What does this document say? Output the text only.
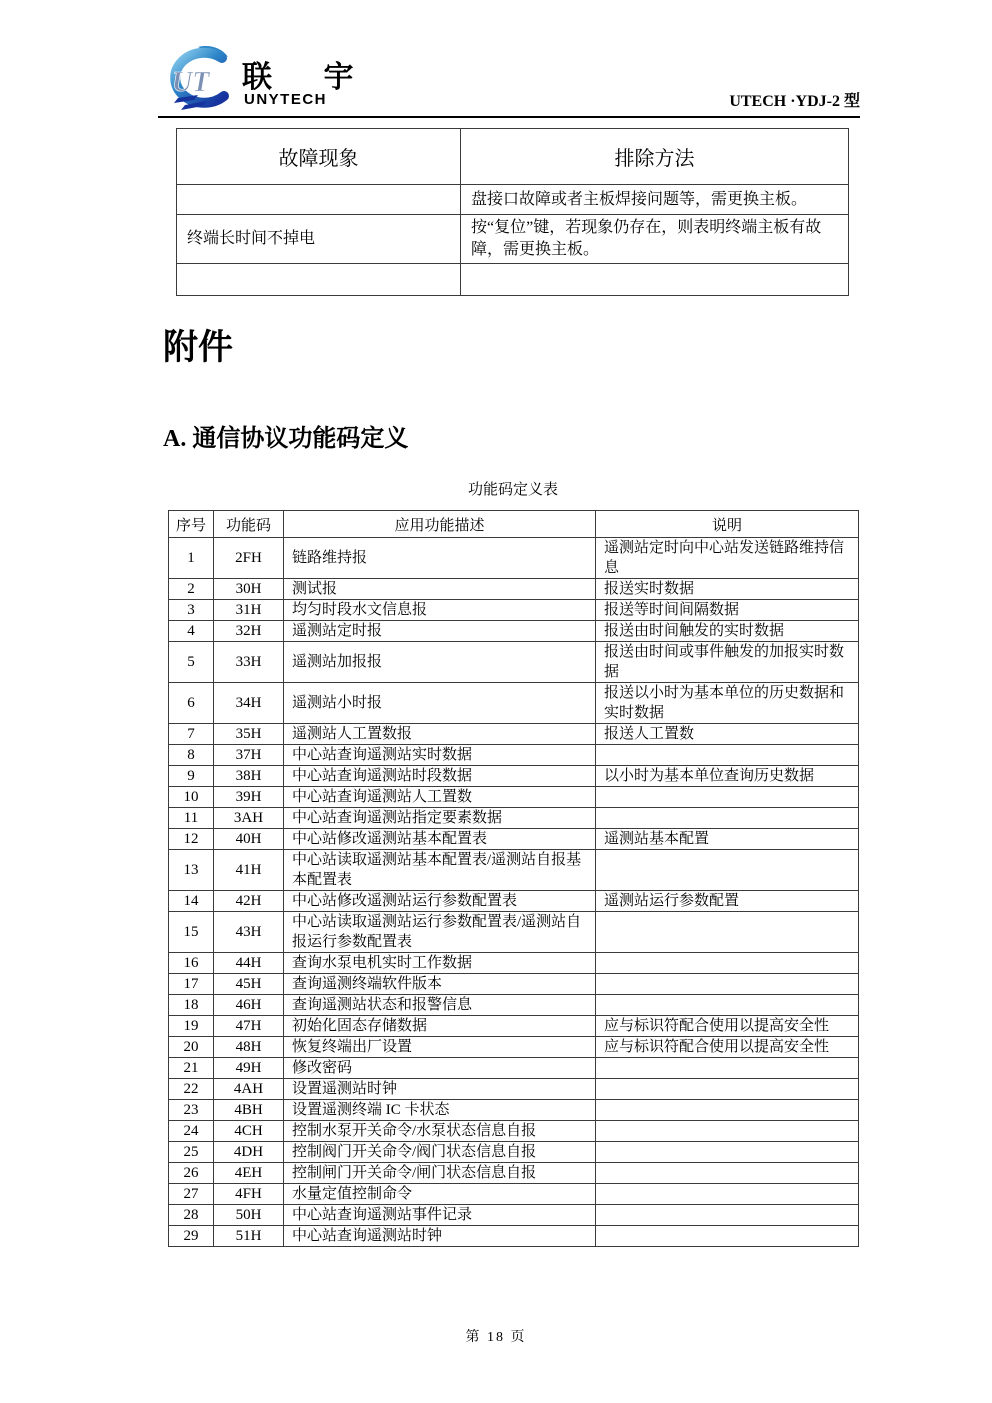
UT 联 宇
UNYTECH	UTECH ·YDJ-2 型
故障现象	排除方法
	盘接口故障或者主板焊接问题等，需更换主板。
终端长时间不掉电	按“复位”键，若现象仍存在，则表明终端主板有故障，需更换主板。

附件
A. 通信协议功能码定义
功能码定义表
序号	功能码	应用功能描述	说明
1	2FH	链路维持报	遥测站定时向中心站发送链路维持信息
2	30H	测试报	报送实时数据
3	31H	均匀时段水文信息报	报送等时间间隔数据
4	32H	遥测站定时报	报送由时间触发的实时数据
5	33H	遥测站加报报	报送由时间或事件触发的加报实时数据
6	34H	遥测站小时报	报送以小时为基本单位的历史数据和实时数据
7	35H	遥测站人工置数报	报送人工置数
8	37H	中心站查询遥测站实时数据	
9	38H	中心站查询遥测站时段数据	以小时为基本单位查询历史数据
10	39H	中心站查询遥测站人工置数	
11	3AH	中心站查询遥测站指定要素数据	
12	40H	中心站修改遥测站基本配置表	遥测站基本配置
13	41H	中心站读取遥测站基本配置表/遥测站自报基本配置表	
14	42H	中心站修改遥测站运行参数配置表	遥测站运行参数配置
15	43H	中心站读取遥测站运行参数配置表/遥测站自报运行参数配置表	
16	44H	查询水泵电机实时工作数据	
17	45H	查询遥测终端软件版本	
18	46H	查询遥测站状态和报警信息	
19	47H	初始化固态存储数据	应与标识符配合使用以提高安全性
20	48H	恢复终端出厂设置	应与标识符配合使用以提高安全性
21	49H	修改密码	
22	4AH	设置遥测站时钟	
23	4BH	设置遥测终端 IC 卡状态	
24	4CH	控制水泵开关命令/水泵状态信息自报	
25	4DH	控制阀门开关命令/阀门状态信息自报	
26	4EH	控制闸门开关命令/闸门状态信息自报	
27	4FH	水量定值控制命令	
28	50H	中心站查询遥测站事件记录	
29	51H	中心站查询遥测站时钟	
第 18 页
